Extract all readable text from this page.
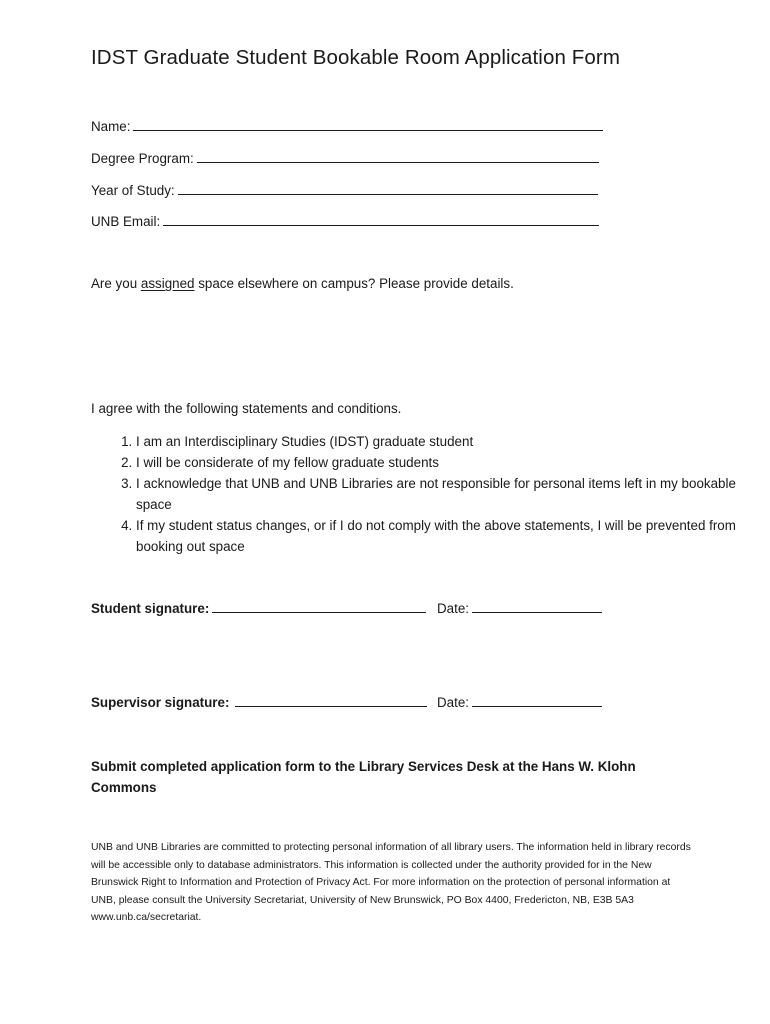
IDST Graduate Student Bookable Room Application Form
Name:
Degree Program:
Year of Study:
UNB Email:
Are you assigned space elsewhere on campus? Please provide details.
I agree with the following statements and conditions.
1. I am an Interdisciplinary Studies (IDST) graduate student
2. I will be considerate of my fellow graduate students
3. I acknowledge that UNB and UNB Libraries are not responsible for personal items left in my bookable space
4. If my student status changes, or if I do not comply with the above statements, I will be prevented from booking out space
Student signature:	Date:
Supervisor signature:	Date:
Submit completed application form to the Library Services Desk at the Hans W. Klohn Commons
UNB and UNB Libraries are committed to protecting personal information of all library users. The information held in library records will be accessible only to database administrators. This information is collected under the authority provided for in the New Brunswick Right to Information and Protection of Privacy Act. For more information on the protection of personal information at UNB, please consult the University Secretariat, University of New Brunswick, PO Box 4400, Fredericton, NB, E3B 5A3 www.unb.ca/secretariat.
